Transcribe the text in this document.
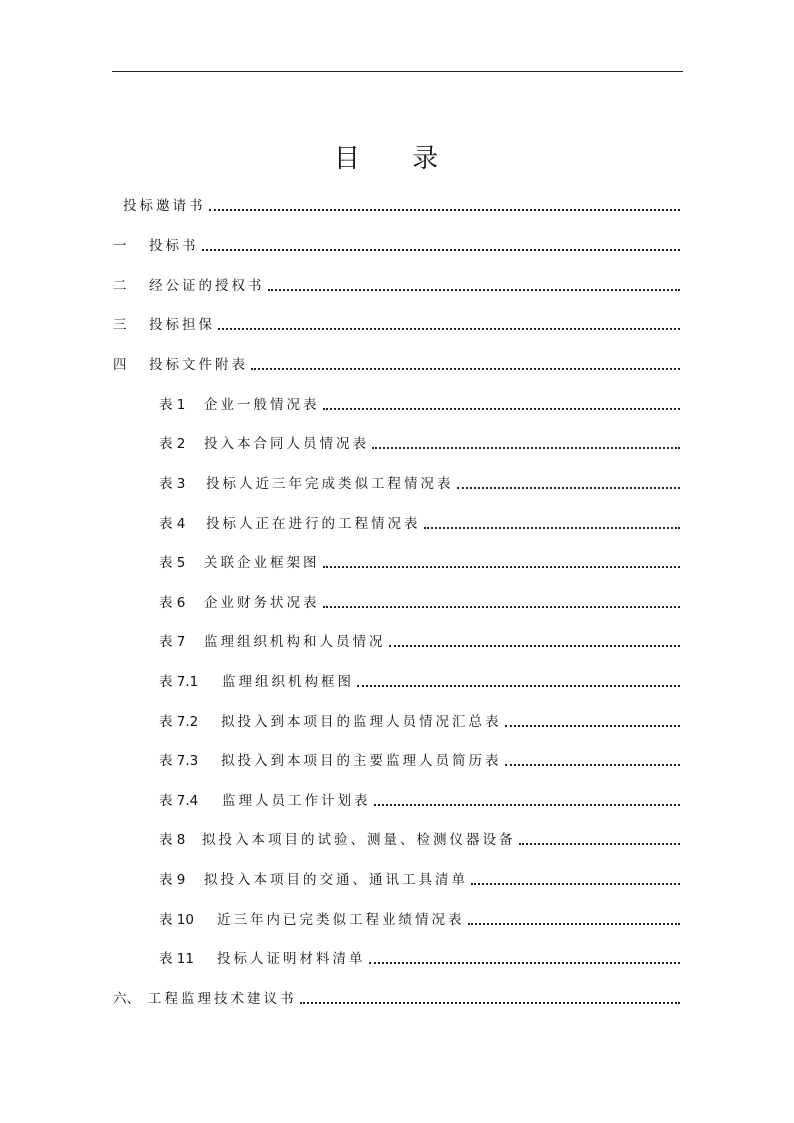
目 录
投标邀请书
一	投标书
二	经公证的授权书
三	投标担保
四	投标文件附表
表 1	企业一般情况表
表 2	投入本合同人员情况表
表 3	投标人近三年完成类似工程情况表
表 4	投标人正在进行的工程情况表
表 5	关联企业框架图
表 6	企业财务状况表
表 7	监理组织机构和人员情况
表 7.1	监理组织机构框图
表 7.2	拟投入到本项目的监理人员情况汇总表
表 7.3	拟投入到本项目的主要监理人员简历表
表 7.4	监理人员工作计划表
表 8	拟投入本项目的试验、测量、检测仪器设备
表 9	拟投入本项目的交通、通讯工具清单
表 10	近三年内已完类似工程业绩情况表
表 11	投标人证明材料清单
六、 工程监理技术建议书
